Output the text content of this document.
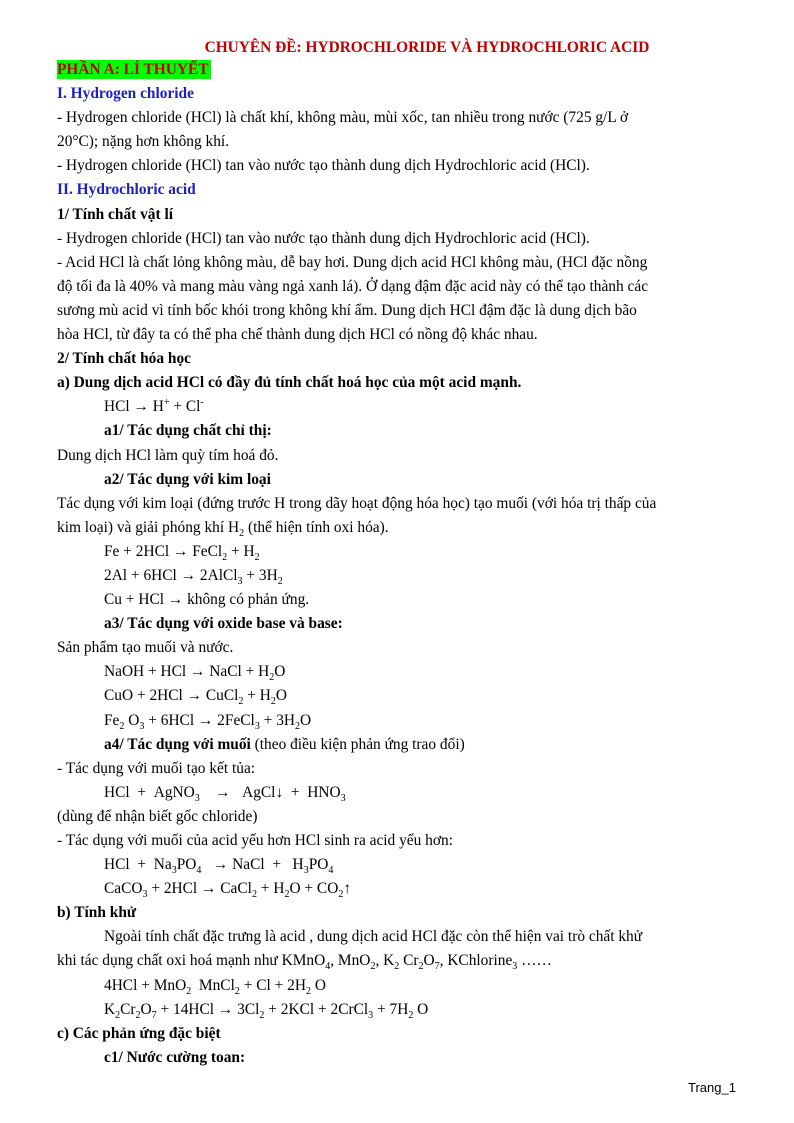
CHUYÊN ĐỀ: HYDROCHLORIDE VÀ HYDROCHLORIC ACID
PHẦN A: LÍ THUYẾT
I. Hydrogen chloride

- Hydrogen chloride (HCl) là chất khí, không màu, mùi xốc, tan nhiều trong nước (725 g/L ở

20°C); nặng hơn không khí.

- Hydrogen chloride (HCl) tan vào nước tạo thành dung dịch Hydrochloric acid (HCl).

II. Hydrochloric acid
1/ Tính chất vật lí

- Hydrogen chloride (HCl) tan vào nước tạo thành dung dịch Hydrochloric acid (HCl).

- Acid HCl là chất lỏng không màu, dễ bay hơi. Dung dịch acid HCl không màu, (HCl đặc nồng

độ tối đa là 40% và mang màu vàng ngả xanh lá). Ở dạng đậm đặc acid này có thể tạo thành các

sương mù acid vì tính bốc khói trong không khí ẩm. Dung dịch HCl đậm đặc là dung dịch bão

hòa HCl, từ đây ta có thể pha chế thành dung dịch HCl có nồng độ khác nhau.

2/ Tính chất hóa học
a) Dung dịch acid HCl có đầy đủ tính chất hoá học của một acid mạnh.
HCl → H+ + Cl-
a1/ Tác dụng chất chỉ thị:

Dung dịch HCl làm quỳ tím hoá đỏ.

a2/ Tác dụng với kim loại

Tác dụng với kim loại (đứng trước H trong dãy hoạt động hóa học) tạo muối (với hóa trị thấp của

kim loại) và giải phóng khí $H_2$ (thể hiện tính oxi hóa).

Fe + 2HCl → FeCl$_2$ + $H_2$
2Al + 6HCl → 2AlCl$_3$ + $3H_2$
Cu + HCl → không có phản ứng.
a3/ Tác dụng với oxide base và base:

Sản phẩm tạo muối và nước.

NaOH + HCl → NaCl + $H_2O$
CuO + 2HCl → CuCl$_2$ + $H_2O$
$Fe_2$ $O_3 + 6HCl$ → 2FeCl$_3$ + $3H_2O$
a4/ Tác dụng với muối (theo điều kiện phản ứng trao đổi)

- Tác dụng với muối tạo kết tủa:

HCl  +  AgNO$_3$    →   AgCl↓  +  $HNO_3$

(dùng để nhận biết gốc chloride)

- Tác dụng với muối của acid yếu hơn HCl sinh ra acid yếu hơn:

HCl  +  $Na_3PO_4$   → NaCl  +   $H_3PO_4$
CaCO$_3$ + 2HCl → CaCl$_2$ + $H_2O$ + $CO_2↑$
b) Tính khử

Ngoài tính chất đặc trưng là acid , dung dịch acid HCl đặc còn thể hiện vai trò chất khử

khi tác dụng chất oxi hoá mạnh như KMnO$_4$, MnO$_2$, $K_2$ $Cr_2O_7$, KChlorine$_3$ ……

4HCl + MnO$_2$  MnCl$_2$ + $Cl + 2H_2$ O
$K_2Cr_2O_7 + 14HCl \to 3Cl_2 + 2KCl$ + 2CrCl$_3$ + $7H_2$ O
c) Các phản ứng đặc biệt
c1/ Nước cường toan:
Trang_1
